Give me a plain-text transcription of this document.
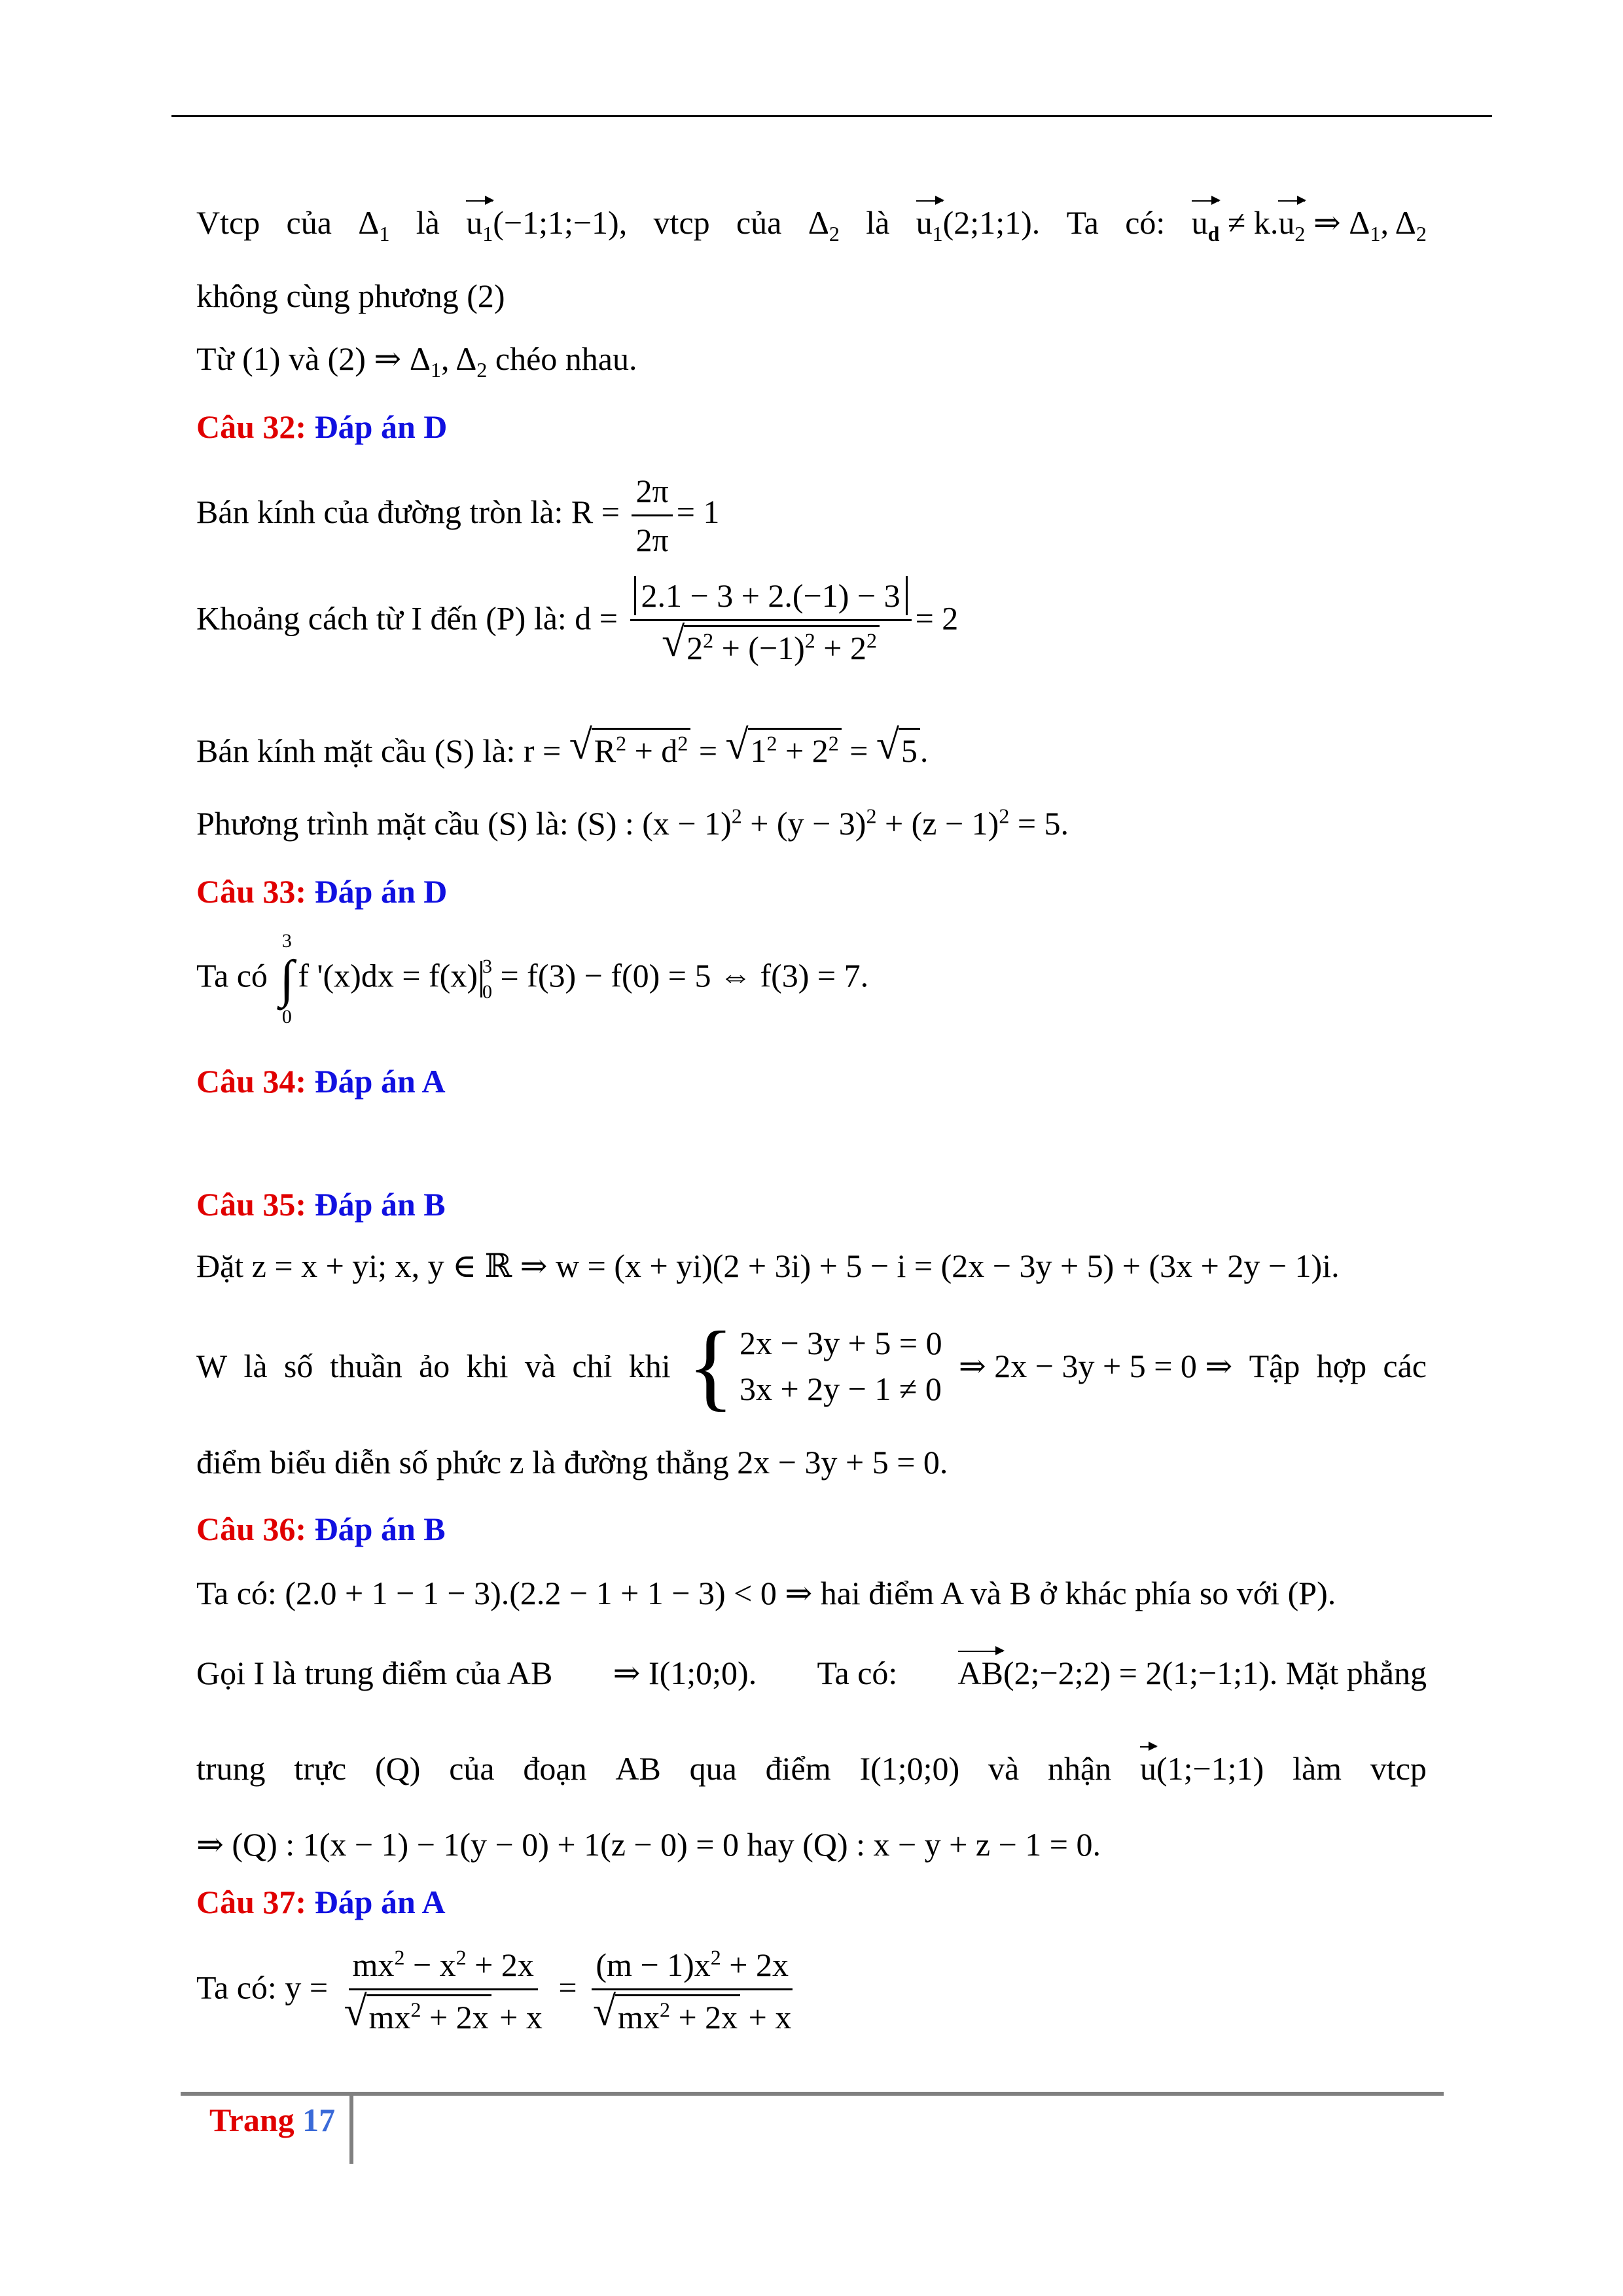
Vtcp của $\Delta_1$ là $u_1(-1;1;-1)$, vtcp của $\Delta_2$ là $u_1(2;1;1)$. Ta có: $u_d \ne k.u_2$ ⇒ $\Delta_1$, $\Delta_2$
không cùng phương (2)
Từ (1) và (2) ⇒ $\Delta_1$, $\Delta_2$ chéo nhau.
Câu 32: Đáp án D
Bán kính của đường tròn là: $R = \frac{2\pi}{2\pi} = 1$
Khoảng cách từ I đến (P) là: $d = \frac{2.1 - 3 + 2.(-1) - 3}{√ 2^2 + (-1)^2 + 2^2} = 2$
Bán kính mặt cầu (S) là: r = √ $R^2 + d^2$ = √ $1^2 + 2^2$ = √ 5.
Phương trình mặt cầu (S) là: (S) : $(x - 1)^2 + (y - 3)^2 + (z - 1)^2 = 5$.
Câu 33: Đáp án D
Ta có
3
∫
0
f '(x)dx = f(x) 3
0 = f(3) − f(0) = 5 ⇔ f(3) = 7.
Câu 34: Đáp án A
Câu 35: Đáp án B
Đặt z = x + yi; x, y ∈ ℝ ⇒ w = (x + yi)(2 + 3i) + 5 − i = (2x − 3y + 5) + (3x + 2y − 1)i.
W là số thuần ảo khi và chỉ khi { 2x − 3y + 5 = 0
3x + 2y − 1 ≠ 0
⇒ 2x − 3y + 5 = 0 ⇒ Tập hợp các
điểm biểu diễn số phức z là đường thẳng 2x − 3y + 5 = 0.
Câu 36: Đáp án B
Ta có: (2.0 + 1 − 1 − 3).(2.2 − 1 + 1 − 3) < 0 ⇒ hai điểm A và B ở khác phía so với (P).
Gọi I là trung điểm của AB ⇒ I(1;0;0). Ta có: AB(2;−2;2) = 2(1;−1;1). Mặt phẳng
trung trực (Q) của đoạn AB qua điểm I(1;0;0) và nhận u(1;−1;1) làm vtcp
⇒ (Q) : 1(x − 1) − 1(y − 0) + 1(z − 0) = 0 hay (Q) : x − y + z − 1 = 0.
Câu 37: Đáp án A
Ta có: $y = \frac{mx^2 - x^2 + 2x}{√ mx^2 + 2x + x} = \frac{(m - 1)x^2 + 2x}{√ mx^2 + 2x + x}$
Trang 17
